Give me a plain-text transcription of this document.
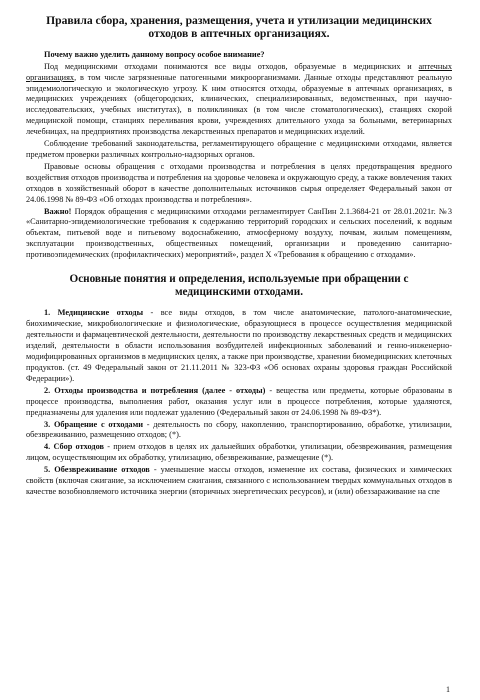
Правила сбора, хранения, размещения, учета и утилизации медицинских отходов в аптечных организациях.

Почему важно уделить данному вопросу особое внимание?

Под медицинскими отходами понимаются все виды отходов, образуемые в медицинских и аптечных организациях, в том числе загрязненные патогенными микроорганизмами. Данные отходы представляют реальную эпидемиологическую и экологическую угрозу. К ним относятся отходы, образуемые в аптечных организациях, в медицинских учреждениях (общегородских, клинических, специализированных, ведомственных, при научно-исследовательских, учебных институтах), в поликлиниках (в том числе стоматологических), станциях скорой медицинской помощи, станциях переливания крови, учреждениях длительного ухода за больными, ветеринарных лечебницах, на предприятиях производства лекарственных препаратов и медицинских изделий.

Соблюдение требований законодательства, регламентирующего обращение с медицинскими отходами, является предметом проверки различных контрольно-надзорных органов.

Правовые основы обращения с отходами производства и потребления в целях предотвращения вредного воздействия отходов производства и потребления на здоровье человека и окружающую среду, а также вовлечения таких отходов в хозяйственный оборот в качестве дополнительных источников сырья определяет Федеральный закон от 24.06.1998 № 89-ФЗ «Об отходах производства и потребления».

Важно! Порядок обращения с медицинскими отходами регламентирует СанПин 2.1.3684-21 от 28.01.2021г. №3 «Санитарно-эпидемиологические требования к содержанию территорий городских и сельских поселений, к водным объектам, питьевой воде и питьевому водоснабжению, атмосферному воздуху, почвам, жилым помещениям, эксплуатации производственных, общественных помещений, организации и проведению санитарно-противоэпидемических (профилактических) мероприятий», раздел X «Требования к обращению с отходами».

Основные понятия и определения, используемые при обращении с медицинскими отходами.

1. Медицинские отходы - все виды отходов, в том числе анатомические, патолого-анатомические, биохимические, микробиологические и физиологические, образующиеся в процессе осуществления медицинской деятельности и фармацевтической деятельности, деятельности по производству лекарственных средств и медицинских изделий, деятельности в области использования возбудителей инфекционных заболеваний и генно-инженерно- модифицированных организмов в медицинских целях, а также при производстве, хранении биомедицинских клеточных продуктов. (ст. 49 Федеральный закон от 21.11.2011 № 323-ФЗ «Об основах охраны здоровья граждан Российской Федерации»).

2. Отходы производства и потребления (далее - отходы) - вещества или предметы, которые образованы в процессе производства, выполнения работ, оказания услуг или в процессе потребления, которые удаляются, предназначены для удаления или подлежат удалению (Федеральный закон от 24.06.1998 № 89-ФЗ*).

3. Обращение с отходами - деятельность по сбору, накоплению, транспортированию, обработке, утилизации, обезвреживанию, размещению отходов; (*).

4. Сбор отходов - прием отходов в целях их дальнейших обработки, утилизации, обезвреживания, размещения лицом, осуществляющим их обработку, утилизацию, обезвреживание, размещение (*).

5. Обезвреживание отходов - уменьшение массы отходов, изменение их состава, физических и химических свойств (включая сжигание, за исключением сжигания, связанного с использованием твердых коммунальных отходов в качестве возобновляемого источника энергии (вторичных энергетических ресурсов), и (или) обеззараживание на спе

1
